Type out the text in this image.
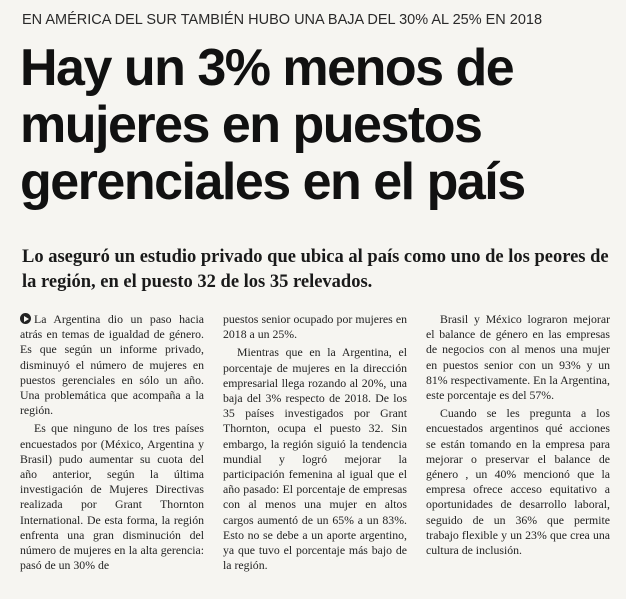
EN AMÉRICA DEL SUR TAMBIÉN HUBO UNA BAJA DEL 30% AL 25% EN 2018
Hay un 3% menos de
mujeres en puestos
gerenciales en el país
Lo aseguró un estudio privado que ubica al país como uno de los peores de la región, en el puesto 32 de los 35 relevados.

La Argentina dio un paso hacia atrás en temas de igualdad de género. Es que según un informe privado, disminuyó el número de mujeres en puestos gerenciales en sólo un año. Una problemática que acompaña a la región.

Es que ninguno de los tres países encuestados por (México, Argentina y Brasil) pudo aumentar su cuota del año anterior, según la última investigación de Mujeres Directivas realizada por Grant Thornton International. De esta forma, la región enfrenta una gran disminución del número de mujeres en la alta gerencia: pasó de un 30% de

puestos senior ocupado por mujeres en 2018 a un 25%.

Mientras que en la Argentina, el porcentaje de mujeres en la dirección empresarial llega rozando al 20%, una baja del 3% respecto de 2018. De los 35 países investigados por Grant Thornton, ocupa el puesto 32. Sin embargo, la región siguió la tendencia mundial y logró mejorar la participación femenina al igual que el año pasado: El porcentaje de empresas con al menos una mujer en altos cargos aumentó de un 65% a un 83%. Esto no se debe a un aporte argentino, ya que tuvo el porcentaje más bajo de la región.

Brasil y México lograron mejorar el balance de género en las empresas de negocios con al menos una mujer en puestos senior con un 93% y un 81% respectivamente. En la Argentina, este porcentaje es del 57%.

Cuando se les pregunta a los encuestados argentinos qué acciones se están tomando en la empresa para mejorar o preservar el balance de género , un 40% mencionó que la empresa ofrece acceso equitativo a oportunidades de desarrollo laboral, seguido de un 36% que permite trabajo flexible y un 23% que crea una cultura de inclusión.
